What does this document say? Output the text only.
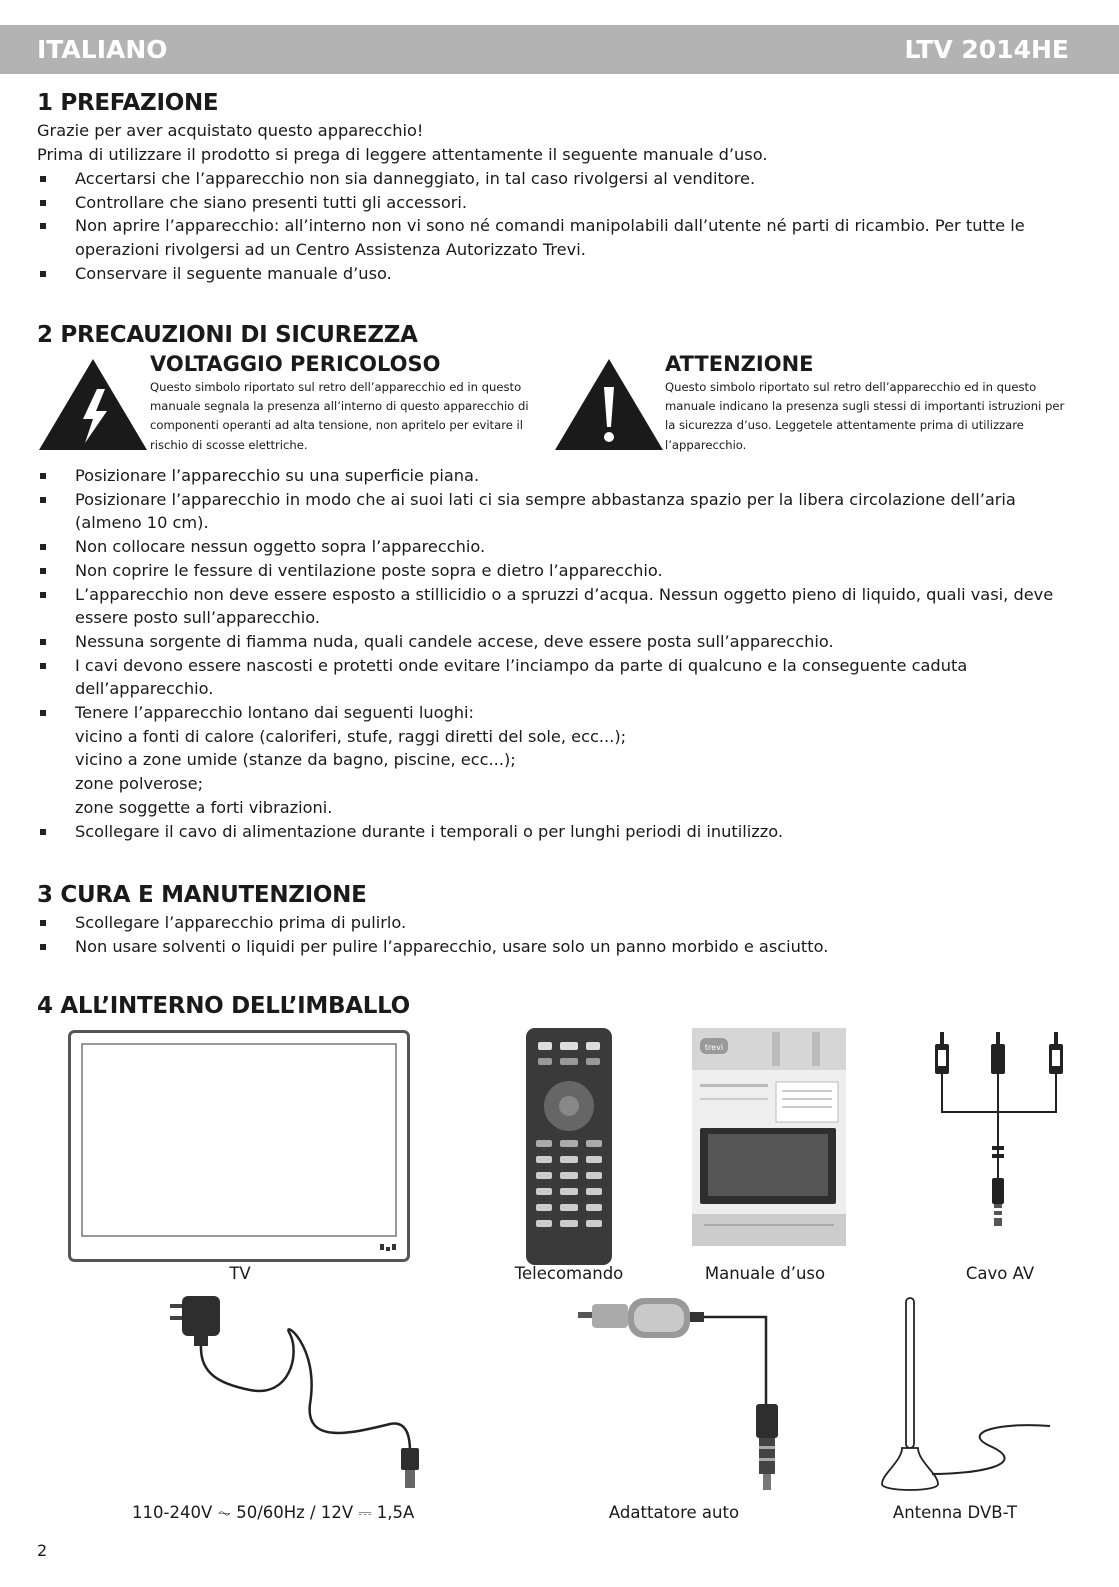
ITALIANO	LTV 2014HE
1 PREFAZIONE

Grazie per aver acquistato questo apparecchio!

Prima di utilizzare il prodotto si prega di leggere attentamente il seguente manuale d’uso.

Accertarsi che l’apparecchio non sia danneggiato, in tal caso rivolgersi al venditore.
Controllare che siano presenti tutti gli accessori.
Non aprire l’apparecchio: all’interno non vi sono né comandi manipolabili dall’utente né parti di ricambio. Per tutte le operazioni rivolgersi ad un Centro Assistenza Autorizzato Trevi.
Conservare il seguente manuale d’uso.
2 PRECAUZIONI DI SICUREZZA
VOLTAGGIO PERICOLOSO
Questo simbolo riportato sul retro dell’apparecchio ed in questo manuale segnala la presenza all’interno di questo apparecchio di componenti operanti ad alta tensione, non apritelo per evitare il rischio di scosse elettriche.
ATTENZIONE
Questo simbolo riportato sul retro dell’apparecchio ed in questo manuale indicano la presenza sugli stessi di importanti istruzioni per la sicurezza d’uso. Leggetele attentamente prima di utilizzare l’apparecchio.
Posizionare l’apparecchio su una superficie piana.
Posizionare l’apparecchio in modo che ai suoi lati ci sia sempre abbastanza spazio per la libera circolazione dell’aria (almeno 10 cm).
Non collocare nessun oggetto sopra l’apparecchio.
Non coprire le fessure di ventilazione poste sopra e dietro l’apparecchio.
L’apparecchio non deve essere esposto a stillicidio o a spruzzi d’acqua. Nessun oggetto pieno di liquido, quali vasi, deve essere posto sull’apparecchio.
Nessuna sorgente di fiamma nuda, quali candele accese, deve essere posta sull’apparecchio.
I cavi devono essere nascosti e protetti onde evitare l’inciampo da parte di qualcuno e la conseguente caduta dell’apparecchio.
Tenere l’apparecchio lontano dai seguenti luoghi:
vicino a fonti di calore (caloriferi, stufe, raggi diretti del sole, ecc...);
vicino a zone umide (stanze da bagno, piscine, ecc...);
zone polverose;
zone soggette a forti vibrazioni.
Scollegare il cavo di alimentazione durante i temporali o per lunghi periodi di inutilizzo.
3 CURA E MANUTENZIONE
Scollegare l’apparecchio prima di pulirlo.
Non usare solventi o liquidi per pulire l’apparecchio, usare solo un panno morbido e asciutto.
4 ALL’INTERNO DELL’IMBALLO
TV	Telecomando
trevi
Manuale d’uso	Cavo AV
110-240V ⏦ 50/60Hz / 12V ⎓ 1,5A	Adattatore auto	Antenna DVB-T
2
